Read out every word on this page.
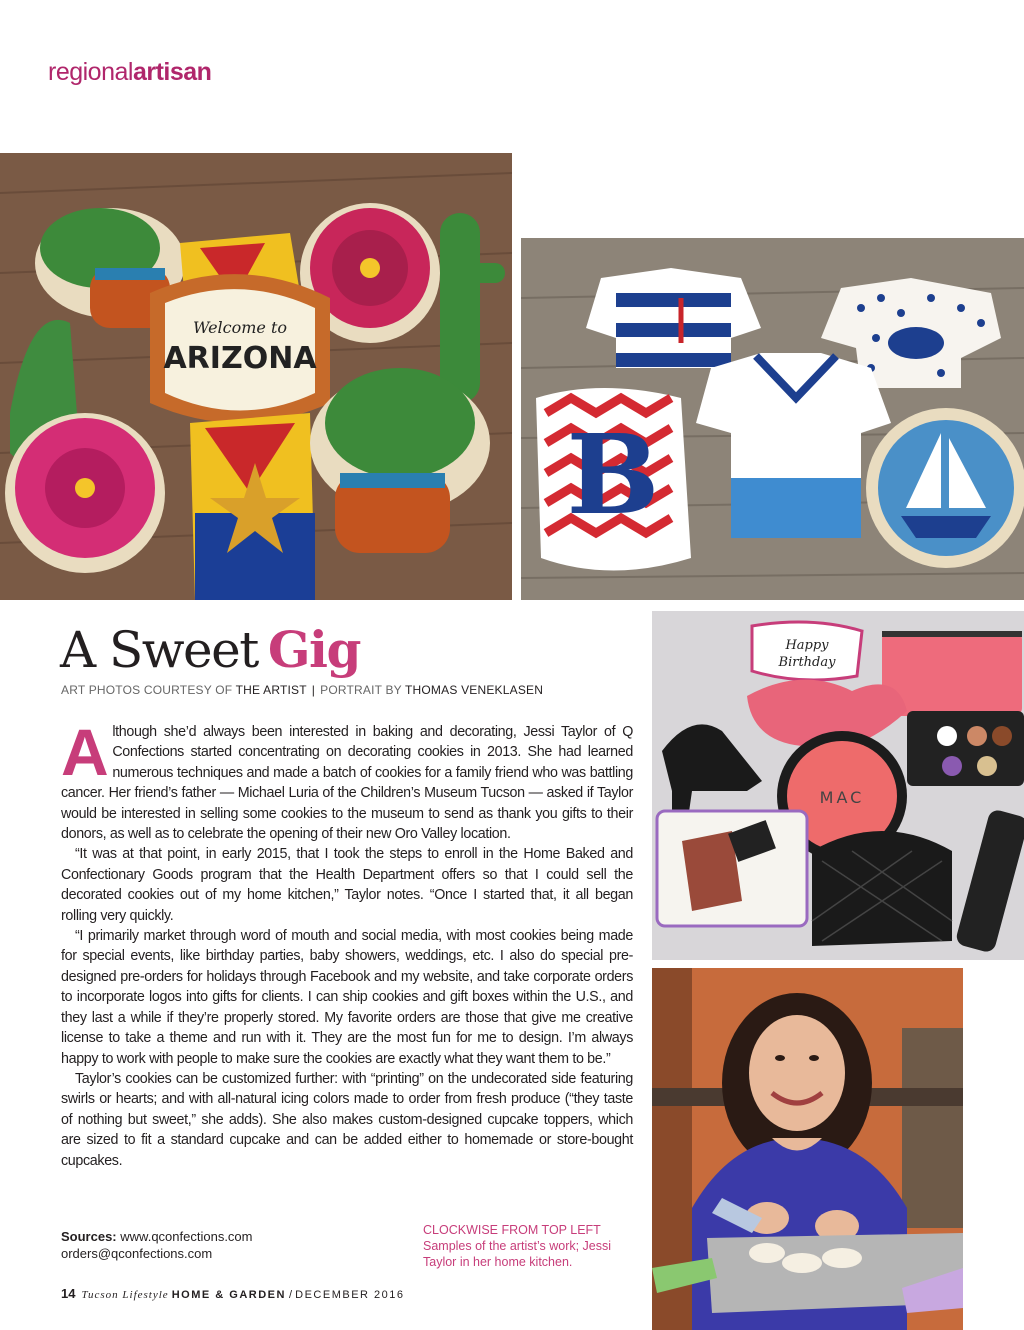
regionalartisan
Welcome to
ARIZONA
B
Happy
Birthday
MAC
A Sweet Gig
ART PHOTOS COURTESY OF THE ARTIST | PORTRAIT BY THOMAS VENEKLASEN

Although she’d always been interested in baking and decorating, Jessi Taylor of Q Confections started concentrating on decorating cookies in 2013. She had learned numerous techniques and made a batch of cookies for a family friend who was battling cancer. Her friend’s father — Michael Luria of the Children’s Museum Tucson — asked if Taylor would be interested in selling some cookies to the museum to send as thank you gifts to their donors, as well as to celebrate the opening of their new Oro Valley location.

“It was at that point, in early 2015, that I took the steps to enroll in the Home Baked and Confectionary Goods program that the Health Department offers so that I could sell the decorated cookies out of my home kitchen,” Taylor notes. “Once I started that, it all began rolling very quickly.

“I primarily market through word of mouth and social media, with most cookies being made for special events, like birthday parties, baby showers, weddings, etc. I also do special pre-designed pre-orders for holidays through Facebook and my website, and take corporate orders to incorporate logos into gifts for clients. I can ship cookies and gift boxes within the U.S., and they last a while if they’re properly stored. My favorite orders are those that give me creative license to take a theme and run with it. They are the most fun for me to design. I’m always happy to work with people to make sure the cookies are exactly what they want them to be.”

Taylor’s cookies can be customized further: with “printing” on the undecorated side featuring swirls or hearts; and with all-natural icing colors made to order from fresh produce (“they taste of nothing but sweet,” she adds). She also makes custom-designed cupcake toppers, which are sized to fit a standard cupcake and can be added either to homemade or store-bought cupcakes.

Sources: www.qconfections.com
orders@qconfections.com
CLOCKWISE FROM TOP LEFT
Samples of the artist’s work; Jessi Taylor in her home kitchen.
14 Tucson Lifestyle HOME & GARDEN / DECEMBER 2016
